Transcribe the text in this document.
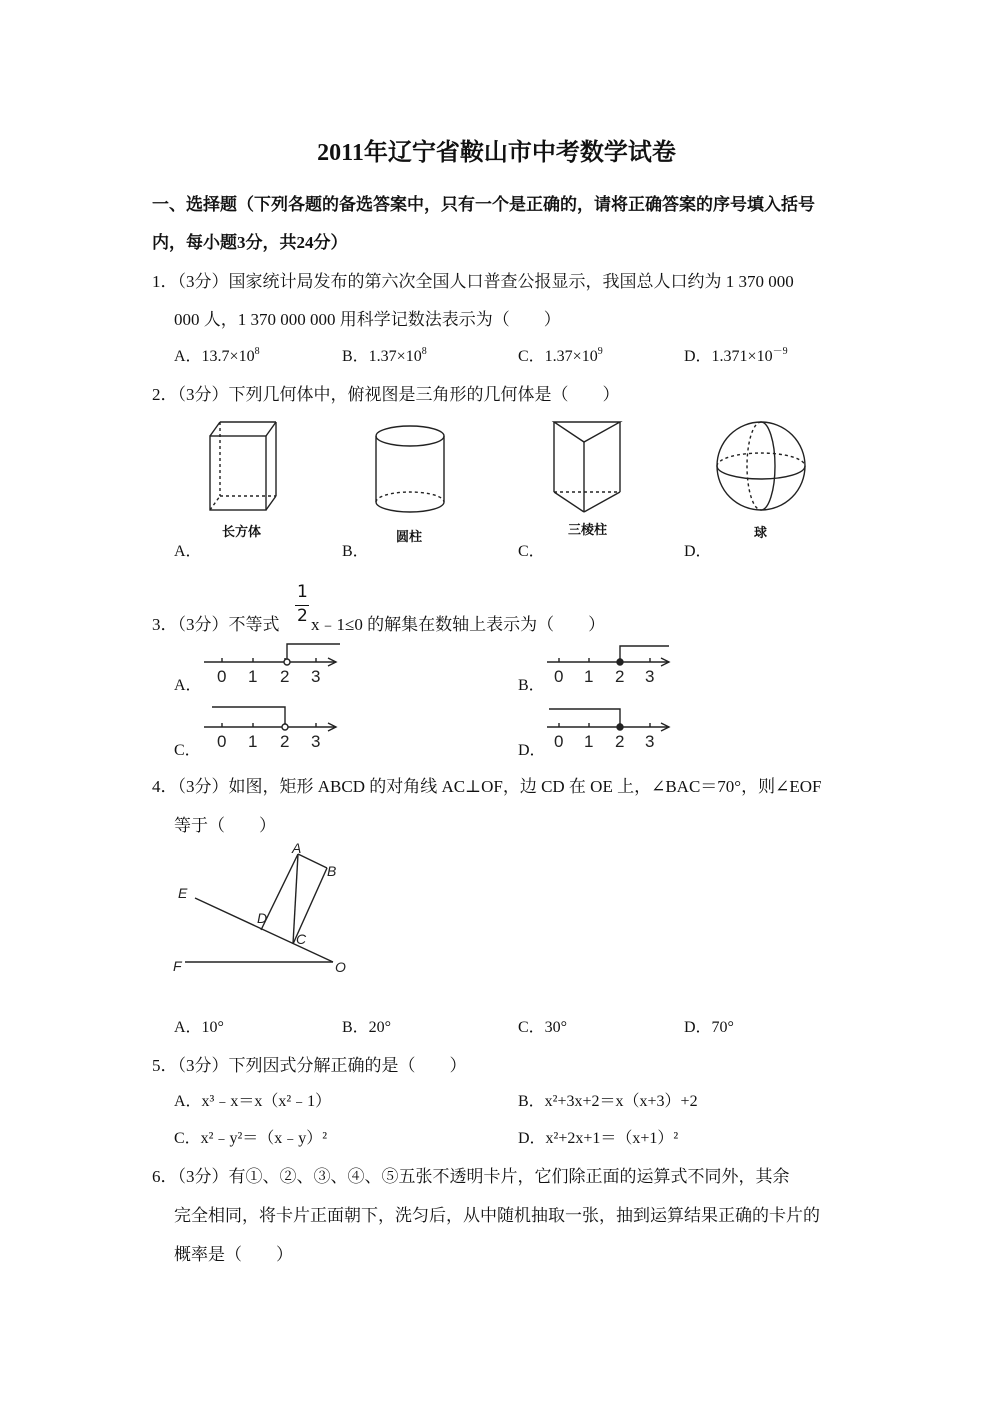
2011年辽宁省鞍山市中考数学试卷
一、选择题（下列各题的备选答案中，只有一个是正确的，请将正确答案的序号填入括号
内，每小题3分，共24分）
1．（3分）国家统计局发布的第六次全国人口普查公报显示，我国总人口约为 1 370 000
000 人，1 370 000 000 用科学记数法表示为（　　）
A．$13.7\times 10^8$	B．$1.37\times 10^8$	C．$1.37\times 10^9$	D．$1.371\times 10^{-9}$
2．（3分）下列几何体中，俯视图是三角形的几何体是（　　）
长方体	圆柱	三棱柱	球
A．	B．	C．	D．
3．（3分）不等式
1
2 x﹣1≤0 的解集在数轴上表示为（　　）
A． 0 1 2 3	B． 0 1 2 3
C． 0 1 2 3	D． 0 1 2 3
4．（3分）如图，矩形 ABCD 的对角线 AC⊥OF，边 CD 在 OE 上，∠BAC＝70°，则∠EOF
等于（　　）
A
B
C
D
E
F	O
A．10°	B．20°	C．30°	D．70°
5．（3分）下列因式分解正确的是（　　）
A．x³﹣x＝x（x²﹣1）	B．x²+3x+2＝x（x+3）+2
C．x²﹣y²＝（x﹣y）²	D．x²+2x+1＝（x+1）²
6．（3分）有①、②、③、④、⑤五张不透明卡片，它们除正面的运算式不同外，其余
完全相同，将卡片正面朝下，洗匀后，从中随机抽取一张，抽到运算结果正确的卡片的
概率是（　　）
